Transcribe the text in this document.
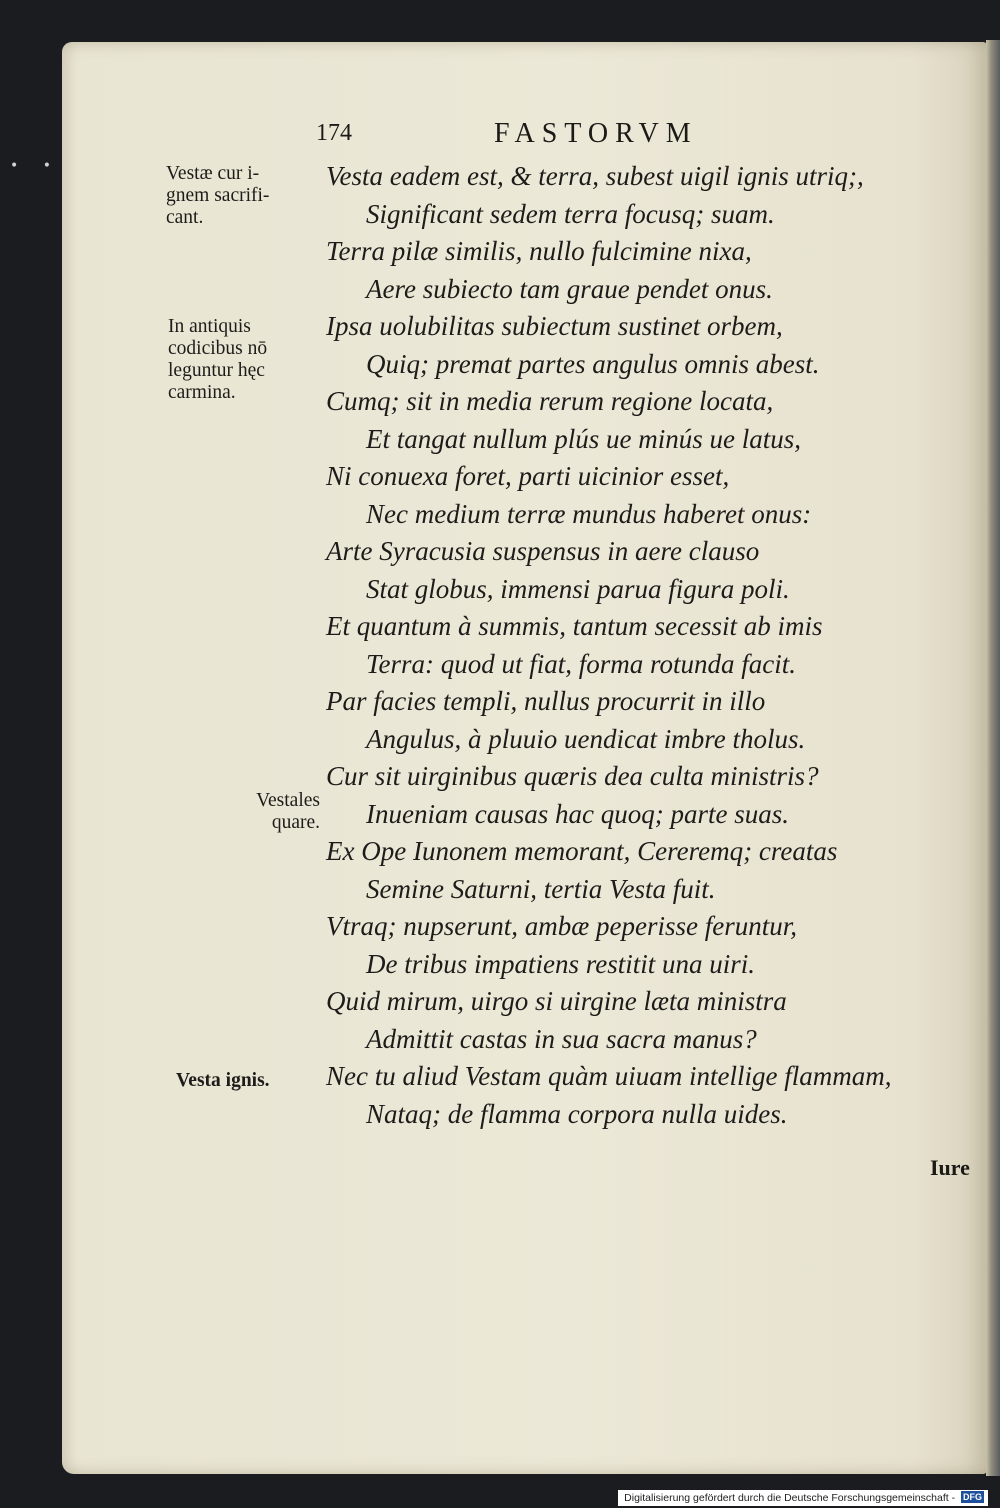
• •
174	FASTORVM
Vestæ cur i-
gnem sacrifi-
cant.
In antiquis
codicibus nō
leguntur hęc
carmina.
Vestales
quare.
Vesta ignis.
Vesta eadem est, & terra, subest uigil ignis utriq;,
Significant sedem terra focusq; suam.
Terra pilæ similis, nullo fulcimine nixa,
Aere subiecto tam graue pendet onus.
Ipsa uolubilitas subiectum sustinet orbem,
Quiq; premat partes angulus omnis abest.
Cumq; sit in media rerum regione locata,
Et tangat nullum plús ue minús ue latus,
Ni conuexa foret, parti uicinior esset,
Nec medium terræ mundus haberet onus:
Arte Syracusia suspensus in aere clauso
Stat globus, immensi parua figura poli.
Et quantum à summis, tantum secessit ab imis
Terra: quod ut fiat, forma rotunda facit.
Par facies templi, nullus procurrit in illo
Angulus, à pluuio uendicat imbre tholus.
Cur sit uirginibus quæris dea culta ministris?
Inueniam causas hac quoq; parte suas.
Ex Ope Iunonem memorant, Cereremq; creatas
Semine Saturni, tertia Vesta fuit.
Vtraq; nupserunt, ambæ peperisse feruntur,
De tribus impatiens restitit una uiri.
Quid mirum, uirgo si uirgine læta ministra
Admittit castas in sua sacra manus?
Nec tu aliud Vestam quàm uiuam intellige flammam,
Nataq; de flamma corpora nulla uides.
Iure
Digitalisierung gefördert durch die Deutsche Forschungsgemeinschaft - DFG
